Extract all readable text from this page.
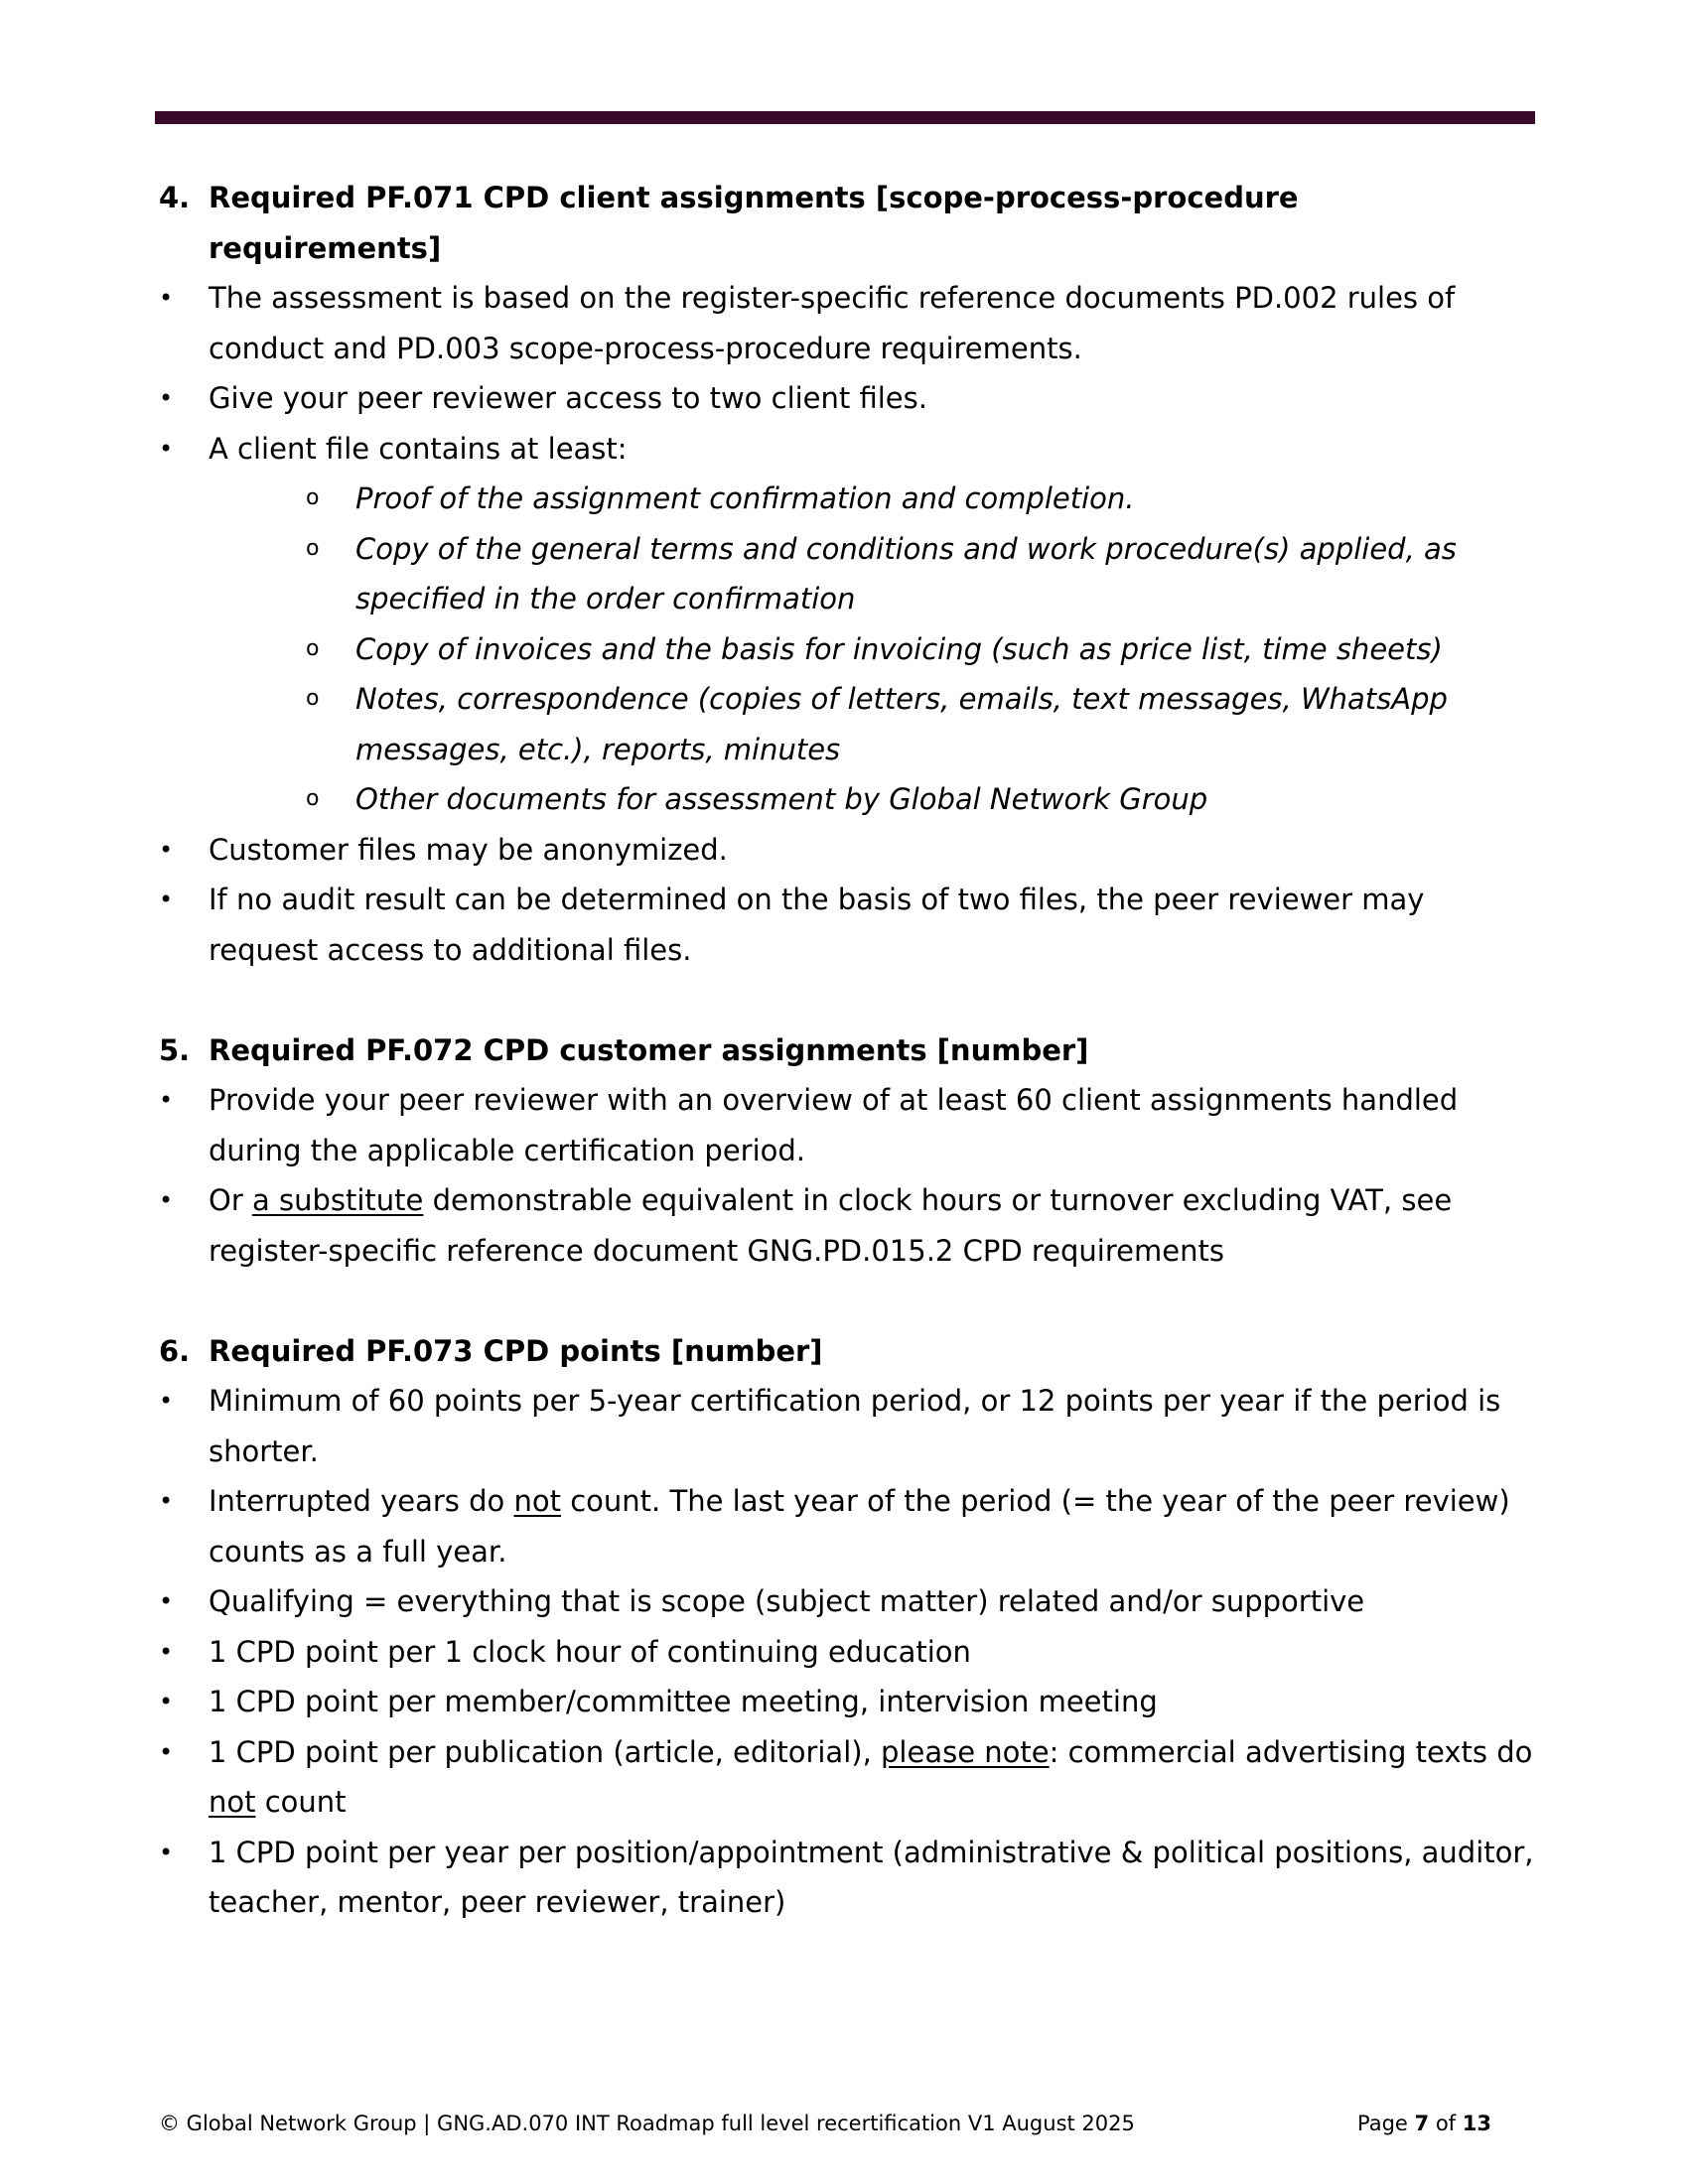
4. Required PF.071 CPD client assignments [scope-process-procedure requirements]
•	The assessment is based on the register-specific reference documents PD.002 rules of conduct and PD.003 scope-process-procedure requirements.
•	Give your peer reviewer access to two client files.
•	A client file contains at least:
o	Proof of the assignment confirmation and completion.
o	Copy of the general terms and conditions and work procedure(s) applied, as specified in the order confirmation
o	Copy of invoices and the basis for invoicing (such as price list, time sheets)
o	Notes, correspondence (copies of letters, emails, text messages, WhatsApp messages, etc.), reports, minutes
o	Other documents for assessment by Global Network Group
•	Customer files may be anonymized.
•	If no audit result can be determined on the basis of two files, the peer reviewer may request access to additional files.
5. Required PF.072 CPD customer assignments [number]
•	Provide your peer reviewer with an overview of at least 60 client assignments handled during the applicable certification period.
•	Or a substitute demonstrable equivalent in clock hours or turnover excluding VAT, see register-specific reference document GNG.PD.015.2 CPD requirements
6. Required PF.073 CPD points [number]
•	Minimum of 60 points per 5-year certification period, or 12 points per year if the period is shorter.
•	Interrupted years do not count. The last year of the period (= the year of the peer review) counts as a full year.
•	Qualifying = everything that is scope (subject matter) related and/or supportive
•	1 CPD point per 1 clock hour of continuing education
•	1 CPD point per member/committee meeting, intervision meeting
•	1 CPD point per publication (article, editorial), please note: commercial advertising texts do not count
•	1 CPD point per year per position/appointment (administrative & political positions, auditor, teacher, mentor, peer reviewer, trainer)
© Global Network Group | GNG.AD.070 INT Roadmap full level recertification V1 August 2025	Page 7 of 13
